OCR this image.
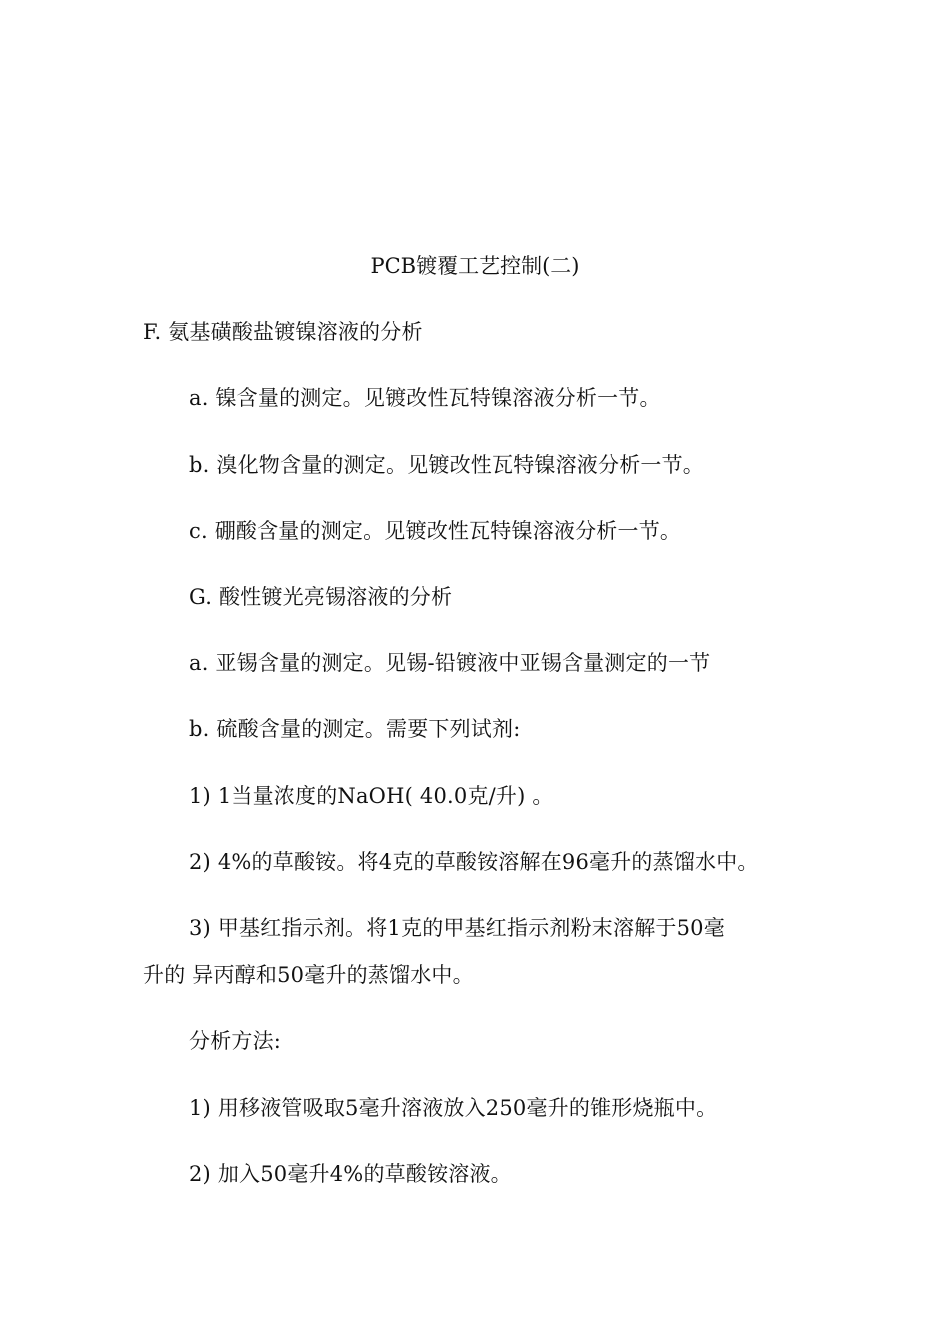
PCB镀覆工艺控制(二)
F. 氨基磺酸盐镀镍溶液的分析
a. 镍含量的测定。见镀改性瓦特镍溶液分析一节。
b. 溴化物含量的测定。见镀改性瓦特镍溶液分析一节。
c. 硼酸含量的测定。见镀改性瓦特镍溶液分析一节。
G. 酸性镀光亮锡溶液的分析
a. 亚锡含量的测定。见锡-铅镀液中亚锡含量测定的一节
b. 硫酸含量的测定。需要下列试剂:
1) 1当量浓度的NaOH( 40.0克/升) 。
2) 4%的草酸铵。将4克的草酸铵溶解在96毫升的蒸馏水中。
3) 甲基红指示剂。将1克的甲基红指示剂粉末溶解于50毫
升的 异丙醇和50毫升的蒸馏水中。
分析方法:
1) 用移液管吸取5毫升溶液放入250毫升的锥形烧瓶中。
2) 加入50毫升4%的草酸铵溶液。
